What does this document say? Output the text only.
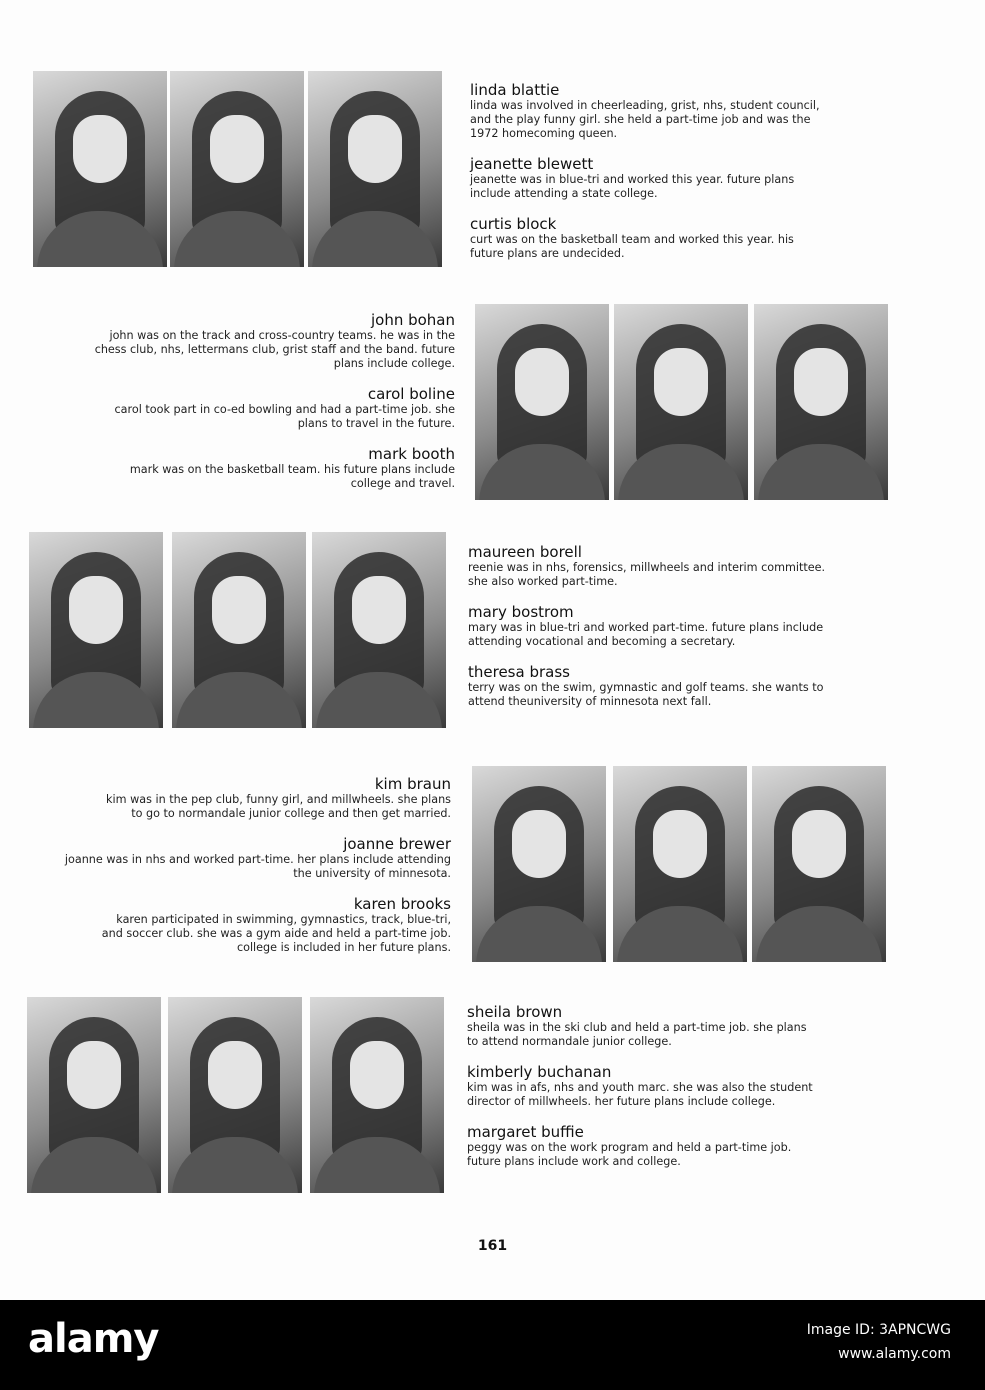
linda blattie
linda was involved in cheerleading, grist, nhs, student council,
and the play funny girl. she held a part-time job and was the
1972 homecoming queen.
jeanette blewett
jeanette was in blue-tri and worked this year. future plans
include attending a state college.
curtis block
curt was on the basketball team and worked this year. his
future plans are undecided.
john bohan
john was on the track and cross-country teams. he was in the
chess club, nhs, lettermans club, grist staff and the band. future
plans include college.
carol boline
carol took part in co-ed bowling and had a part-time job. she
plans to travel in the future.
mark booth
mark was on the basketball team. his future plans include
college and travel.
maureen borell
reenie was in nhs, forensics, millwheels and interim committee.
she also worked part-time.
mary bostrom
mary was in blue-tri and worked part-time. future plans include
attending vocational and becoming a secretary.
theresa brass
terry was on the swim, gymnastic and golf teams. she wants to
attend theuniversity of minnesota next fall.
kim braun
kim was in the pep club, funny girl, and millwheels. she plans
to go to normandale junior college and then get married.
joanne brewer
joanne was in nhs and worked part-time. her plans include attending
the university of minnesota.
karen brooks
karen participated in swimming, gymnastics, track, blue-tri,
and soccer club. she was a gym aide and held a part-time job.
college is included in her future plans.
sheila brown
sheila was in the ski club and held a part-time job. she plans
to attend normandale junior college.
kimberly buchanan
kim was in afs, nhs and youth marc. she was also the student
director of millwheels. her future plans include college.
margaret buffie
peggy was on the work program and held a part-time job.
future plans include work and college.
161
alamy	Image ID: 3APNCWG
www.alamy.com
